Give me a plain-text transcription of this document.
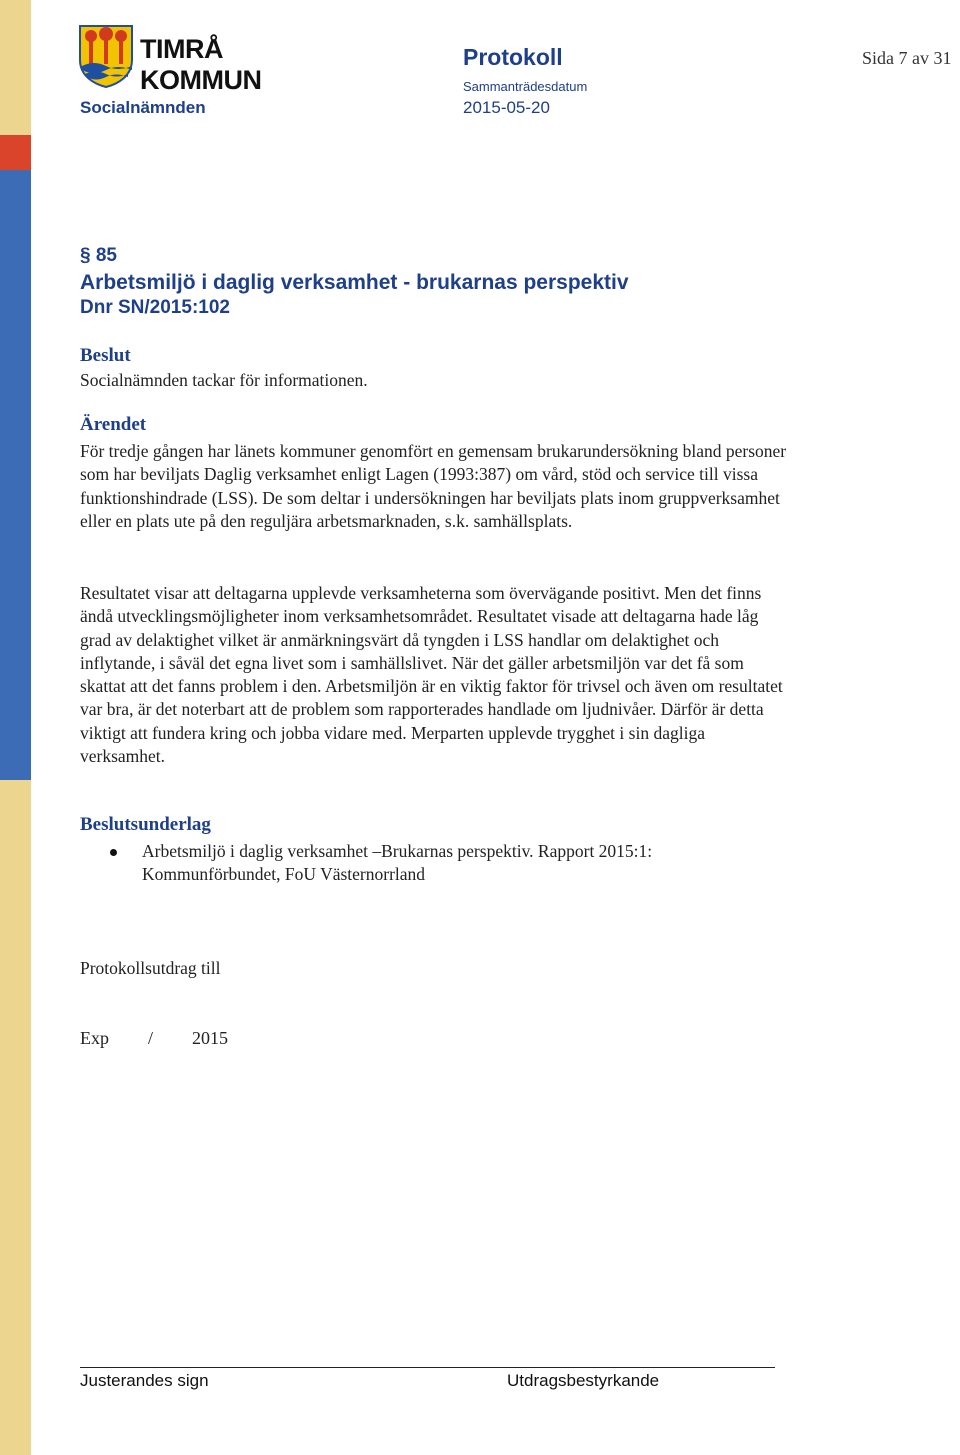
TIMRÅ KOMMUN
Protokoll	Sida 7 av 31
Socialnämnden
Sammanträdesdatum
2015-05-20
§ 85
Arbetsmiljö i daglig verksamhet - brukarnas perspektiv
Dnr SN/2015:102
Beslut
Socialnämnden tackar för informationen.
Ärendet
För tredje gången har länets kommuner genomfört en gemensam brukarundersökning bland personer som har beviljats Daglig verksamhet enligt Lagen (1993:387) om vård, stöd och service till vissa funktionshindrade (LSS). De som deltar i undersökningen har beviljats plats inom gruppverksamhet eller en plats ute på den reguljära arbetsmarknaden, s.k. samhällsplats.
Resultatet visar att deltagarna upplevde verksamheterna som övervägande positivt. Men det finns ändå utvecklingsmöjligheter inom verksamhetsområdet. Resultatet visade att deltagarna hade låg grad av delaktighet vilket är anmärkningsvärt då tyngden i LSS handlar om delaktighet och inflytande, i såväl det egna livet som i samhällslivet. När det gäller arbetsmiljön var det få som skattat att det fanns problem i den. Arbetsmiljön är en viktig faktor för trivsel och även om resultatet var bra, är det noterbart att de problem som rapporterades handlade om ljudnivåer. Därför är detta viktigt att fundera kring och jobba vidare med. Merparten upplevde trygghet i sin dagliga verksamhet.
Beslutsunderlag
Arbetsmiljö i daglig verksamhet –Brukarnas perspektiv. Rapport 2015:1: Kommunförbundet, FoU Västernorrland
Protokollsutdrag till
Exp / 2015
Justerandes sign	Utdragsbestyrkande
